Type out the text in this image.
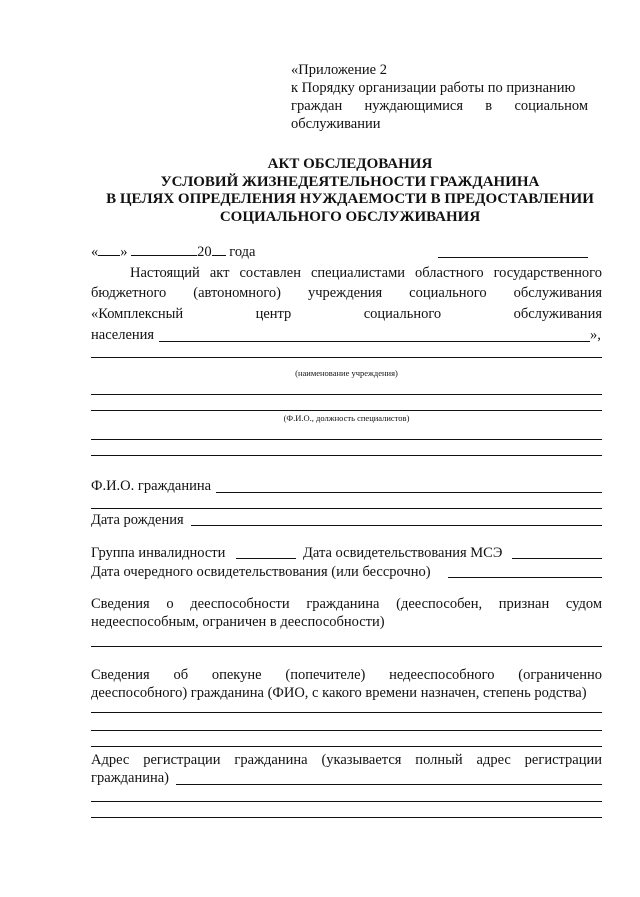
«Приложение 2
к Порядку организации работы по признанию
граждан нуждающимися в социальном
обслуживании
АКТ ОБСЛЕДОВАНИЯ
УСЛОВИЙ ЖИЗНЕДЕЯТЕЛЬНОСТИ ГРАЖДАНИНА
В ЦЕЛЯХ ОПРЕДЕЛЕНИЯ НУЖДАЕМОСТИ В ПРЕДОСТАВЛЕНИИ
СОЦИАЛЬНОГО ОБСЛУЖИВАНИЯ
« »	20 года
Настоящий акт составлен специалистами областного государственного
бюджетного (автономного) учреждения социального обслуживания
«Комплексный центр социального обслуживания
населения	»,
(наименование учреждения)
(Ф.И.О., должность специалистов)
Ф.И.О. гражданина
Дата рождения
Группа инвалидности	Дата освидетельствования МСЭ
Дата очередного освидетельствования (или бессрочно)
Сведения о дееспособности гражданина (дееспособен, признан судом
недееспособным, ограничен в дееспособности)
Сведения об опекуне (попечителе) недееспособного (ограниченно
дееспособного) гражданина (ФИО, с какого времени назначен, степень родства)
Адрес регистрации гражданина (указывается полный адрес регистрации
гражданина)
